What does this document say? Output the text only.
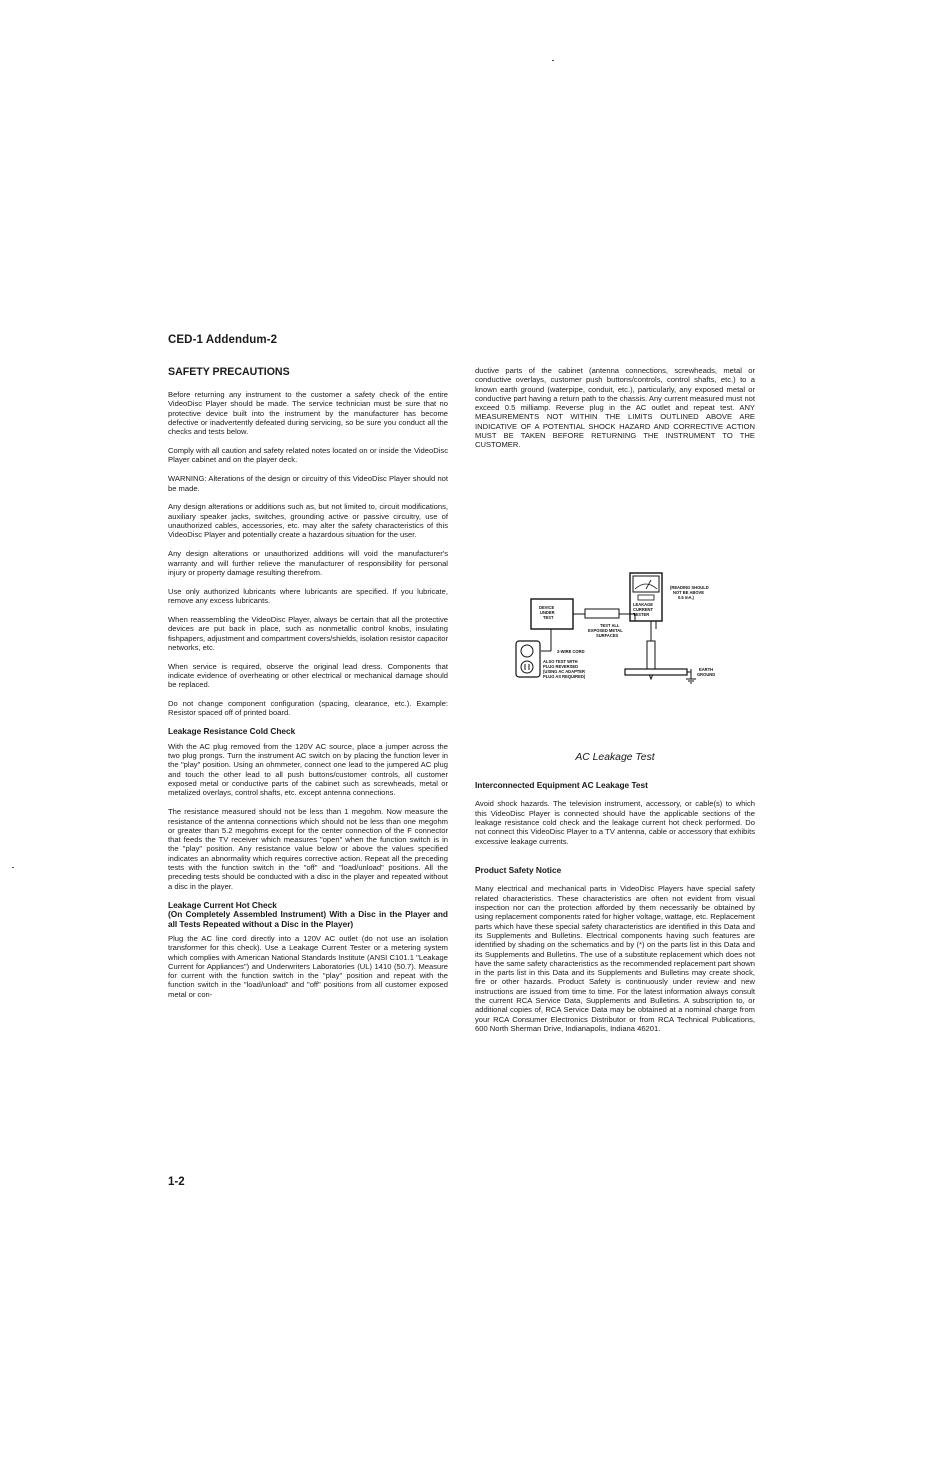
CED-1 Addendum-2
SAFETY PRECAUTIONS

Before returning any instrument to the customer a safety check of the entire VideoDisc Player should be made. The service technician must be sure that no protective device built into the instrument by the manufacturer has become defective or inadvertently defeated during servicing, so be sure you conduct all the checks and tests below.

Comply with all caution and safety related notes located on or inside the VideoDisc Player cabinet and on the player deck.

WARNING: Alterations of the design or circuitry of this VideoDisc Player should not be made.

Any design alterations or additions such as, but not limited to, circuit modifications, auxiliary speaker jacks, switches, grounding active or passive circuitry, use of unauthorized cables, accessories, etc. may alter the safety characteristics of this VideoDisc Player and potentially create a hazardous situation for the user.

Any design alterations or unauthorized additions will void the manufacturer's warranty and will further relieve the manufacturer of responsibility for personal injury or property damage resulting therefrom.

Use only authorized lubricants where lubricants are specified. If you lubricate, remove any excess lubricants.

When reassembling the VideoDisc Player, always be certain that all the protective devices are put back in place, such as nonmetallic control knobs, insulating fishpapers, adjustment and compartment covers/shields, isolation resistor capacitor networks, etc.

When service is required, observe the original lead dress. Components that indicate evidence of overheating or other electrical or mechanical damage should be replaced.

Do not change component configuration (spacing, clearance, etc.). Example: Resistor spaced off of printed board.

Leakage Resistance Cold Check

With the AC plug removed from the 120V AC source, place a jumper across the two plug prongs. Turn the instrument AC switch on by placing the function lever in the "play" position. Using an ohmmeter, connect one lead to the jumpered AC plug and touch the other lead to all push buttons/customer controls, all customer exposed metal or conductive parts of the cabinet such as screwheads, metal or metalized overlays, control shafts, etc. except antenna connections.

The resistance measured should not be less than 1 megohm. Now measure the resistance of the antenna connections which should not be less than one megohm or greater than 5.2 megohms except for the center connection of the F connector that feeds the TV receiver which measures "open" when the function switch is in the "play" position. Any resistance value below or above the values specified indicates an abnormality which requires corrective action. Repeat all the preceding tests with the function switch in the "off" and "load/unload" positions. All the preceding tests should be conducted with a disc in the player and repeated without a disc in the player.

Leakage Current Hot Check
(On Completely Assembled Instrument) With a Disc in the Player and all Tests Repeated without a Disc in the Player)

Plug the AC line cord directly into a 120V AC outlet (do not use an isolation transformer for this check). Use a Leakage Current Tester or a metering system which complies with American National Standards Institute (ANSI C101.1 "Leakage Current for Appliances") and Underwriters Laboratories (UL) 1410 (50.7). Measure for current with the function switch in the "play" position and repeat with the function switch in the "load/unload" and "off" positions from all customer exposed metal or con-

ductive parts of the cabinet (antenna connections, screwheads, metal or conductive overlays, customer push buttons/controls, control shafts, etc.) to a known earth ground (waterpipe, conduit, etc.), particularly, any exposed metal or conductive part having a return path to the chassis. Any current measured must not exceed 0.5 milliamp. Reverse plug in the AC outlet and repeat test. ANY MEASUREMENTS NOT WITHIN THE LIMITS OUTLINED ABOVE ARE INDICATIVE OF A POTENTIAL SHOCK HAZARD AND CORRECTIVE ACTION MUST BE TAKEN BEFORE RETURNING THE INSTRUMENT TO THE CUSTOMER.

LEAKAGE
CURRENT
TESTER
(READING SHOULD
NOT BE ABOVE
0.5 mA.)
DEVICE
UNDER
TEST
TEST ALL
EXPOSED METAL
SURFACES
2-WIRE CORD
ALSO TEST WITH
PLUG REVERSED
(USING AC ADAPTER
PLUG AS REQUIRED)
EARTH
GROUND
AC Leakage Test
Interconnected Equipment AC Leakage Test

Avoid shock hazards. The television instrument, accessory, or cable(s) to which this VideoDisc Player is connected should have the applicable sections of the leakage resistance cold check and the leakage current hot check performed. Do not connect this VideoDisc Player to a TV antenna, cable or accessory that exhibits excessive leakage currents.

Product Safety Notice

Many electrical and mechanical parts in VideoDisc Players have special safety related characteristics. These characteristics are often not evident from visual inspection nor can the protection afforded by them necessarily be obtained by using replacement components rated for higher voltage, wattage, etc. Replacement parts which have these special safety characteristics are identified in this Data and its Supplements and Bulletins. Electrical components having such features are identified by shading on the schematics and by (*) on the parts list in this Data and its Supplements and Bulletins. The use of a substitute replacement which does not have the same safety characteristics as the recommended replacement part shown in the parts list in this Data and its Supplements and Bulletins may create shock, fire or other hazards. Product Safety is continuously under review and new instructions are issued from time to time. For the latest information always consult the current RCA Service Data, Supplements and Bulletins. A subscription to, or additional copies of, RCA Service Data may be obtained at a nominal charge from your RCA Consumer Electronics Distributor or from RCA Technical Publications, 600 North Sherman Drive, Indianapolis, Indiana 46201.

1-2
